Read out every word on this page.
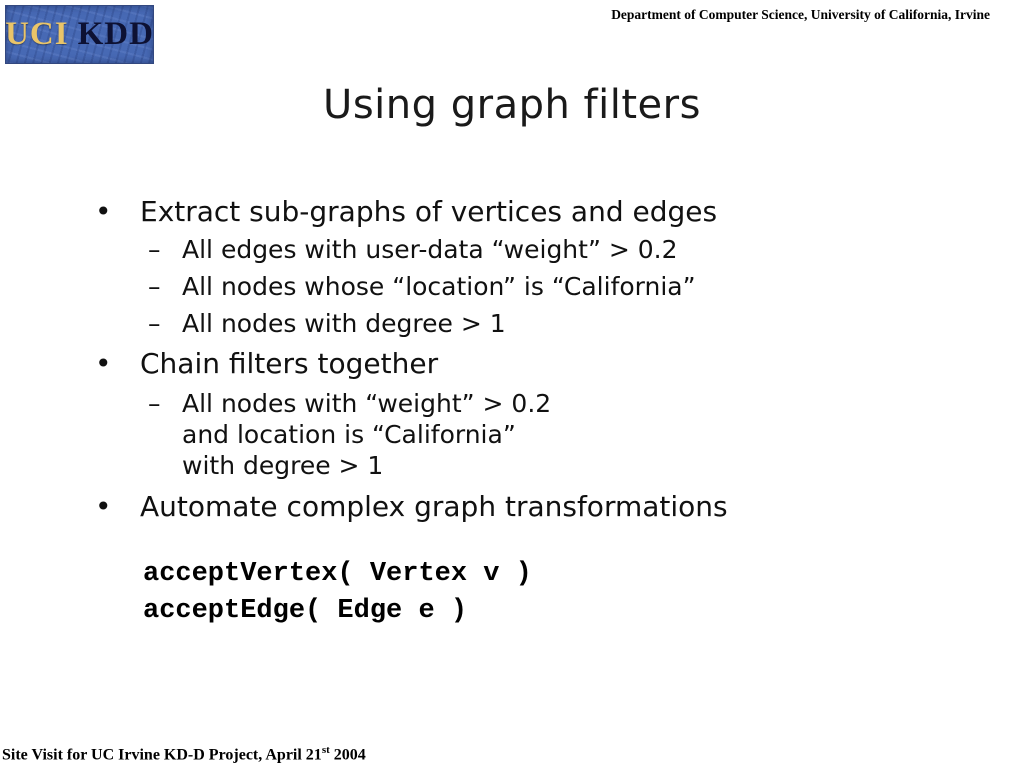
UCI KDD
Department of Computer Science, University of California, Irvine
Using graph filters
•	Extract sub-graphs of vertices and edges
– All edges with user-data “weight” > 0.2
– All nodes whose “location” is “California”
– All nodes with degree > 1
•	Chain filters together
– All nodes with “weight” > 0.2
and location is “California”
with degree > 1
•	Automate complex graph transformations
acceptVertex( Vertex v )
acceptEdge( Edge e )
Site Visit for UC Irvine KD-D Project, April 21st 2004
